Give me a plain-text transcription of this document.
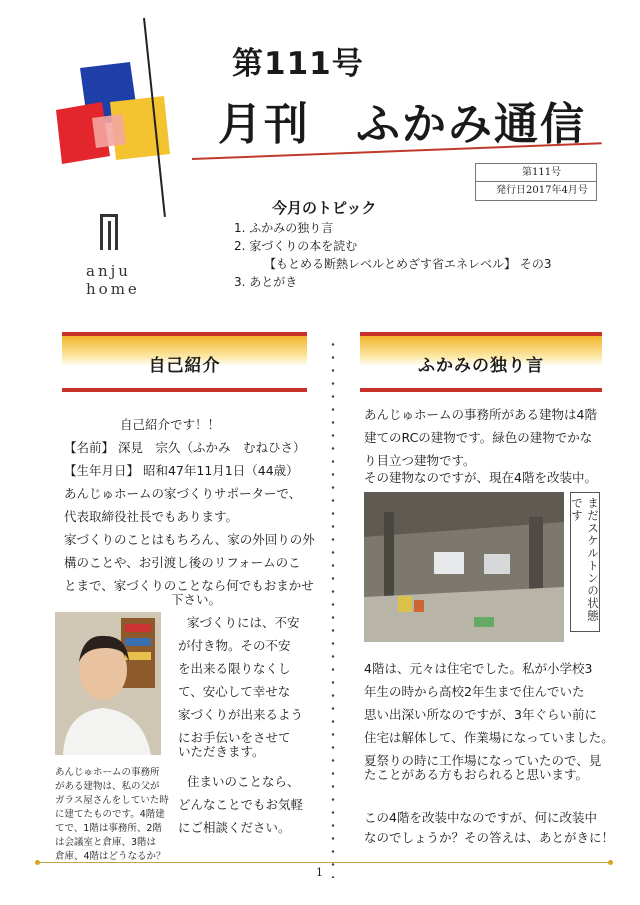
第111号
月刊　ふかみ通信
第111号
発行日2017年4月号
anju
home
今月のトピック
1. ふかみの独り言
2. 家づくりの本を読む
【もとめる断熱レベルとめざす省エネレベル】 その3
3. あとがき
自己紹介	ふかみの独り言
自己紹介です！！
【名前】 深見　宗久（ふかみ　むねひさ）
【生年月日】 昭和47年11月1日（44歳）
あんじゅホームの家づくりサポーターで、
代表取締役社長でもあります。
家づくりのことはもちろん、家の外回りの外
構のことや、お引渡し後のリフォームのこ
とまで、家づくりのことなら何でもおまかせ
下さい。
家づくりには、不安
が付き物。その不安
を出来る限りなくし
て、安心して幸せな
家づくりが出来るよう
にお手伝いをさせて
いただきます。
住まいのことなら、
どんなことでもお気軽
にご相談ください。
あんじゅホームの事務所
がある建物は、私の父が
ガラス屋さんをしていた時
に建てたものです。4階建
てで、1階は事務所、2階
は会議室と倉庫、3階は
倉庫、4階はどうなるか？
あんじゅホームの事務所がある建物は4階
建てのRCの建物です。緑色の建物でかな
り目立つ建物です。
その建物なのですが、現在4階を改装中。
まだスケルトンの状態です
4階は、元々は住宅でした。私が小学校3
年生の時から高校2年生まで住んでいた
思い出深い所なのですが、3年ぐらい前に
住宅は解体して、作業場になっていました。
夏祭りの時に工作場になっていたので、見
たことがある方もおられると思います。
この4階を改装中なのですが、何に改装中
なのでしょうか？その答えは、あとがきに！
1
